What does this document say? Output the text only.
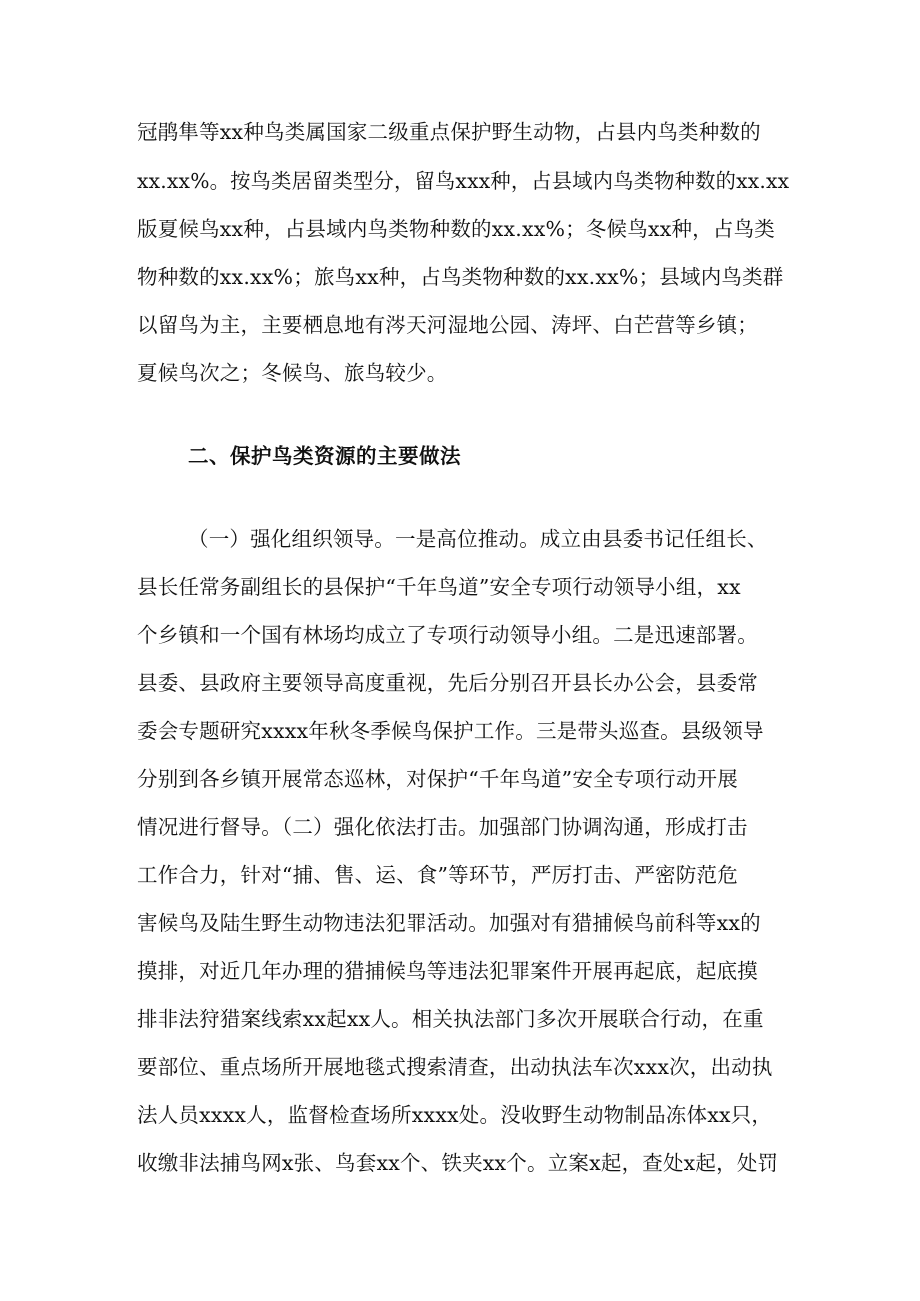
冠鹃隼等xx种鸟类属国家二级重点保护野生动物，占县内鸟类种数的
xx.xx%。按鸟类居留类型分，留鸟xxx种，占县域内鸟类物种数的xx.xx
版夏候鸟xx种，占县域内鸟类物种数的xx.xx%；冬候鸟xx种，占鸟类
物种数的xx.xx%；旅鸟xx种，占鸟类物种数的xx.xx%；县域内鸟类群
以留鸟为主，主要栖息地有涔天河湿地公园、涛坪、白芒营等乡镇；
夏候鸟次之；冬候鸟、旅鸟较少。
二、保护鸟类资源的主要做法
（一）强化组织领导。一是高位推动。成立由县委书记任组长、
县长任常务副组长的县保护“千年鸟道”安全专项行动领导小组，xx
个乡镇和一个国有林场均成立了专项行动领导小组。二是迅速部署。
县委、县政府主要领导高度重视，先后分别召开县长办公会，县委常
委会专题研究xxxx年秋冬季候鸟保护工作。三是带头巡查。县级领导
分别到各乡镇开展常态巡林，对保护“千年鸟道”安全专项行动开展
情况进行督导。（二）强化依法打击。加强部门协调沟通，形成打击
工作合力，针对“捕、售、运、食”等环节，严厉打击、严密防范危
害候鸟及陆生野生动物违法犯罪活动。加强对有猎捕候鸟前科等xx的
摸排，对近几年办理的猎捕候鸟等违法犯罪案件开展再起底，起底摸
排非法狩猎案线索xx起xx人。相关执法部门多次开展联合行动，在重
要部位、重点场所开展地毯式搜索清查，出动执法车次xxx次，出动执
法人员xxxx人，监督检查场所xxxx处。没收野生动物制品冻体xx只，
收缴非法捕鸟网x张、鸟套xx个、铁夹xx个。立案x起，查处x起，处罚
